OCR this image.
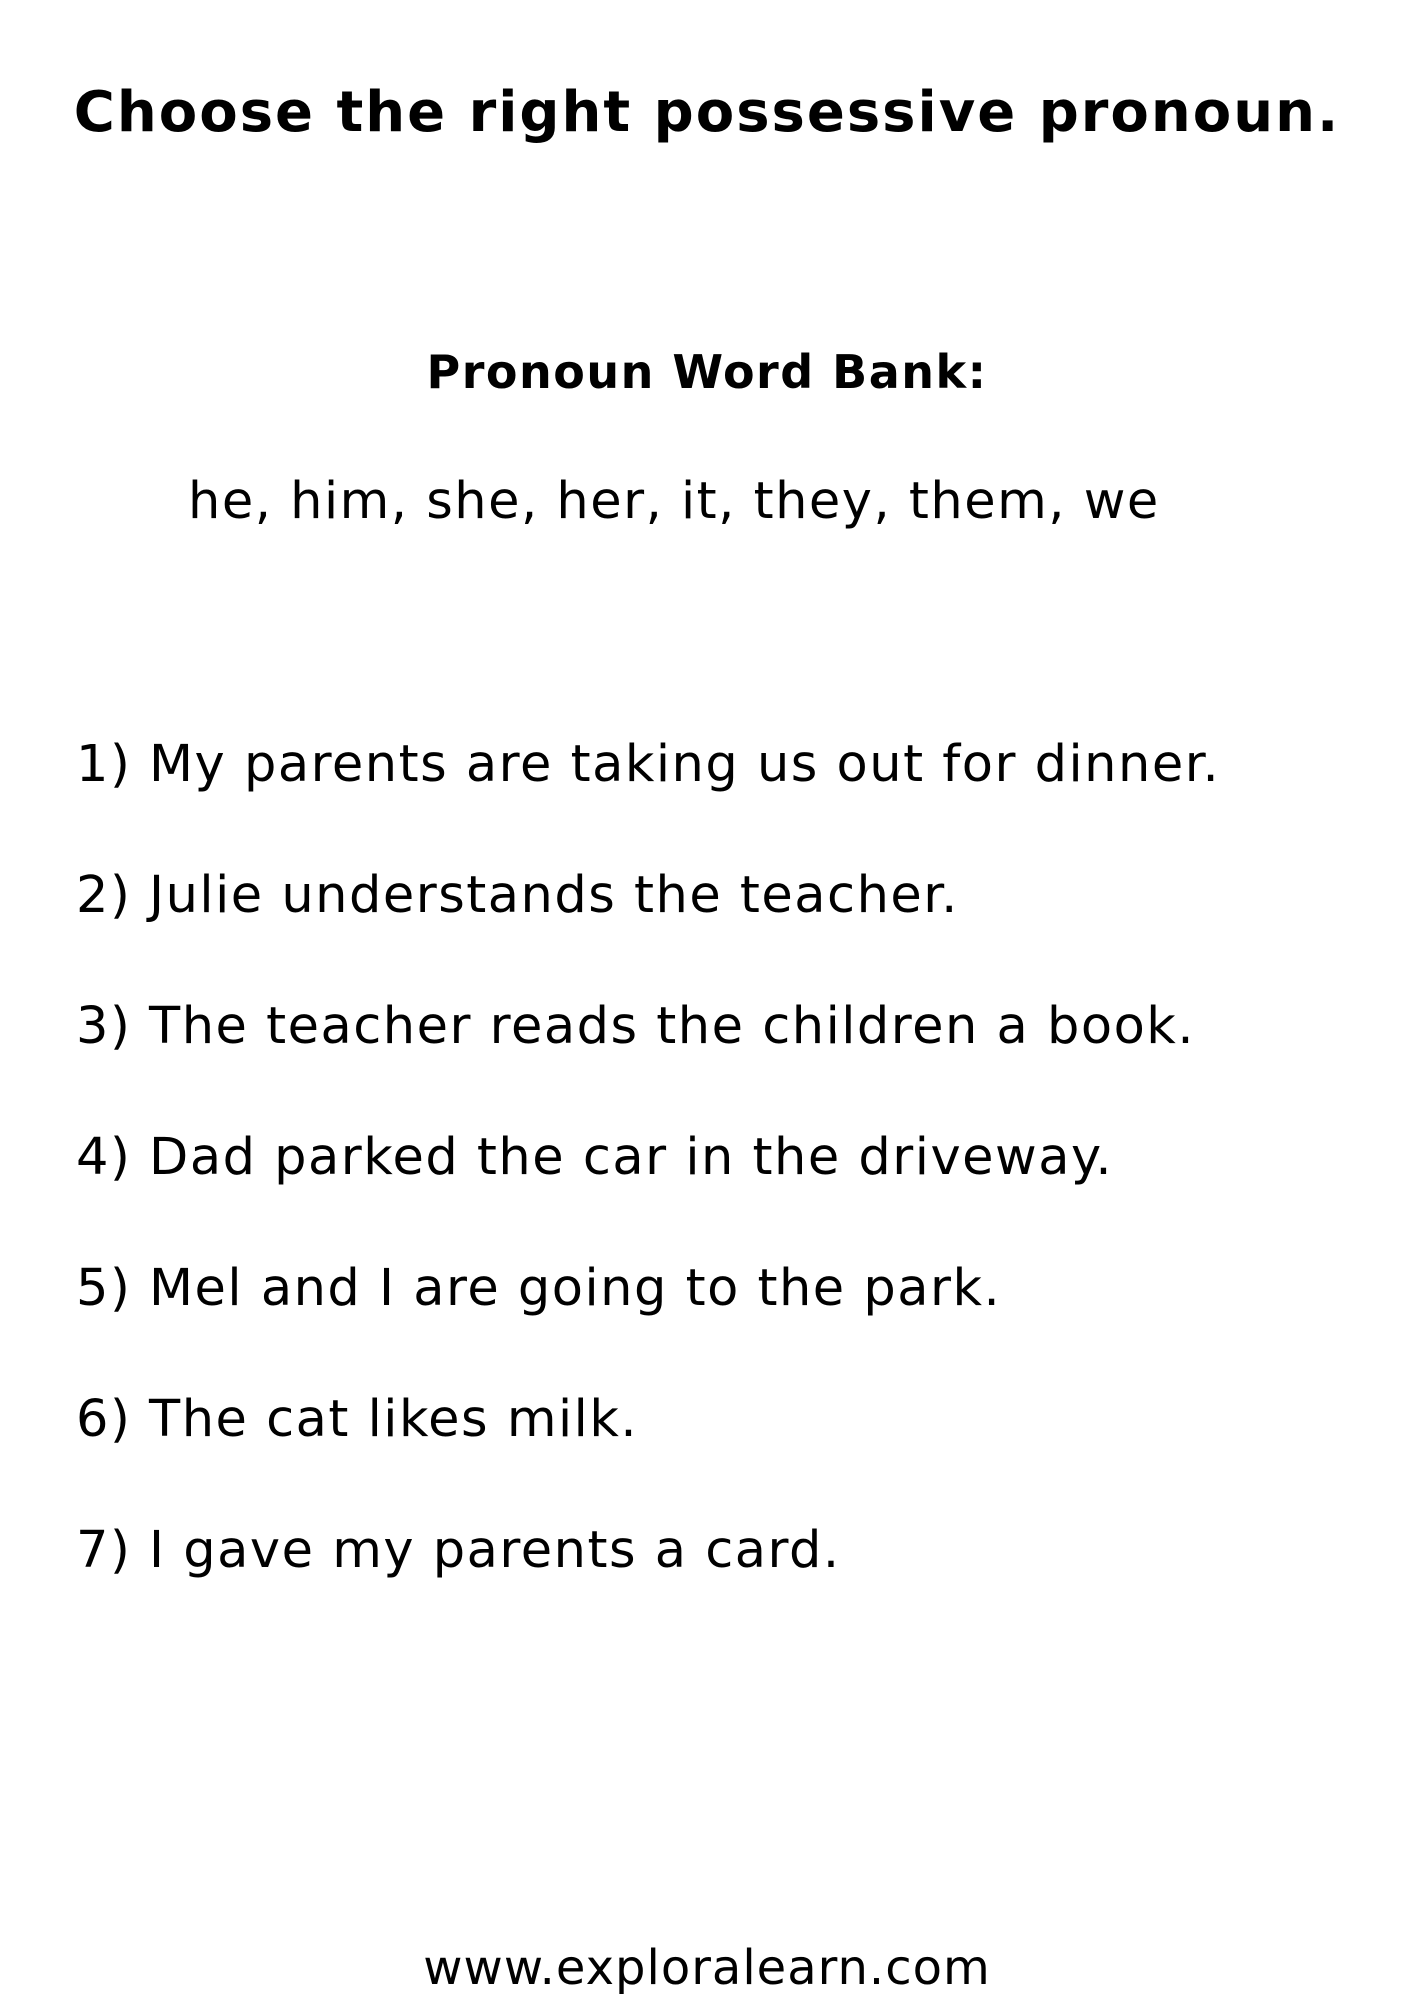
Choose the right possessive pronoun.
Pronoun Word Bank:
he, him, she, her, it, they, them, we
1) My parents are taking us out for dinner.
2) Julie understands the teacher.
3) The teacher reads the children a book.
4) Dad parked the car in the driveway.
5) Mel and I are going to the park.
6) The cat likes milk.
7) I gave my parents a card.
www.exploralearn.com
